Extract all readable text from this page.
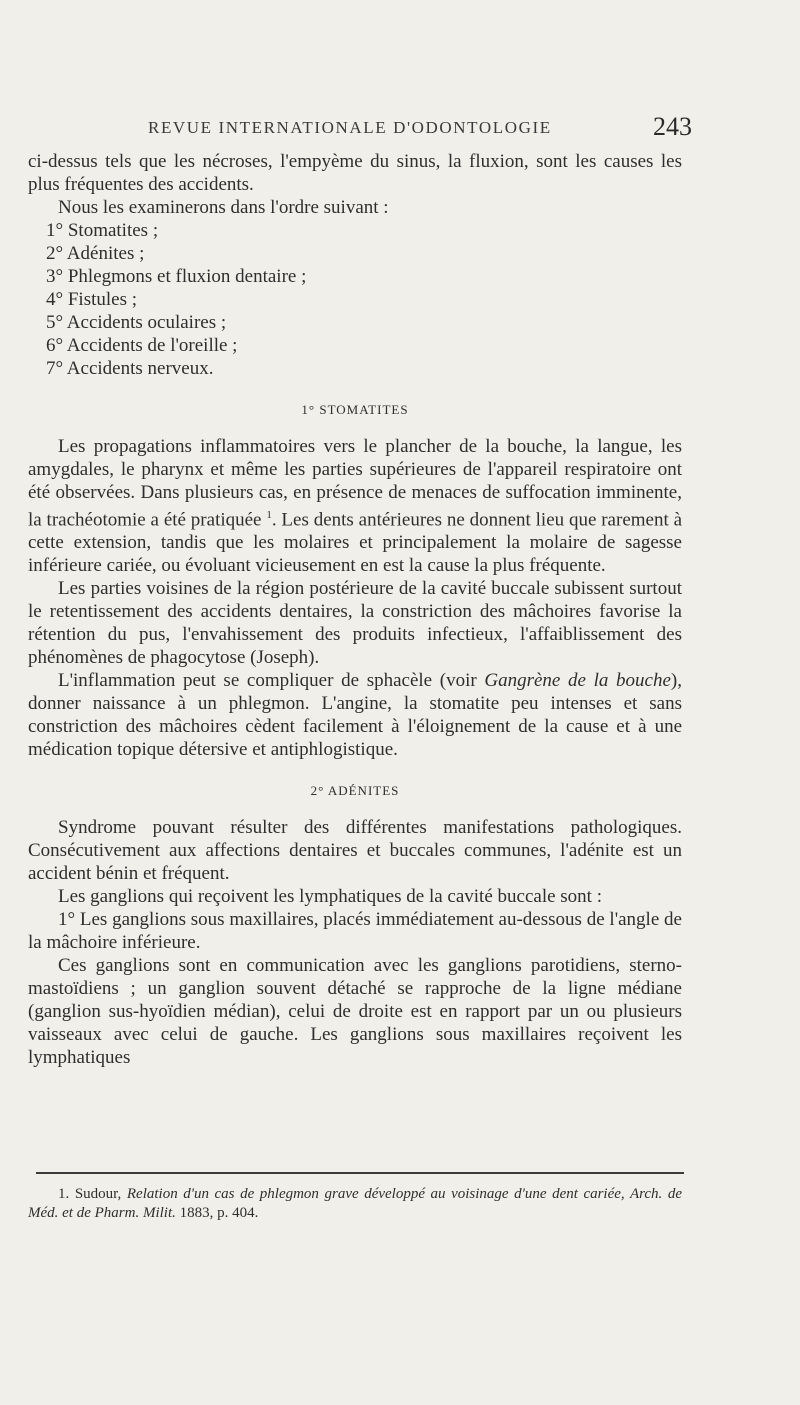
REVUE INTERNATIONALE D'ODONTOLOGIE	243

ci-dessus tels que les nécroses, l'empyème du sinus, la fluxion, sont les causes les plus fréquentes des accidents.

Nous les examinerons dans l'ordre suivant :

1° Stomatites ;

2° Adénites ;

3° Phlegmons et fluxion dentaire ;

4° Fistules ;

5° Accidents oculaires ;

6° Accidents de l'oreille ;

7° Accidents nerveux.

1° STOMATITES

Les propagations inflammatoires vers le plancher de la bouche, la langue, les amygdales, le pharynx et même les parties supérieures de l'appareil respiratoire ont été observées. Dans plusieurs cas, en présence de menaces de suffocation imminente, la trachéotomie a été pratiquée $^1$. Les dents antérieures ne donnent lieu que rarement à cette extension, tandis que les molaires et principalement la molaire de sagesse inférieure cariée, ou évoluant vicieusement en est la cause la plus fréquente.

Les parties voisines de la région postérieure de la cavité buccale subissent surtout le retentissement des accidents dentaires, la constriction des mâchoires favorise la rétention du pus, l'envahissement des produits infectieux, l'affaiblissement des phénomènes de phagocytose (Joseph).

L'inflammation peut se compliquer de sphacèle (voir Gangrène de la bouche), donner naissance à un phlegmon. L'angine, la stomatite peu intenses et sans constriction des mâchoires cèdent facilement à l'éloignement de la cause et à une médication topique détersive et antiphlogistique.

2° ADÉNITES

Syndrome pouvant résulter des différentes manifestations pathologiques. Consécutivement aux affections dentaires et buccales communes, l'adénite est un accident bénin et fréquent.

Les ganglions qui reçoivent les lymphatiques de la cavité buccale sont :

1° Les ganglions sous maxillaires, placés immédiatement au-dessous de l'angle de la mâchoire inférieure.

Ces ganglions sont en communication avec les ganglions parotidiens, sterno-mastoïdiens ; un ganglion souvent détaché se rapproche de la ligne médiane (ganglion sus-hyoïdien médian), celui de droite est en rapport par un ou plusieurs vaisseaux avec celui de gauche. Les ganglions sous maxillaires reçoivent les lymphatiques

1. Sudour, Relation d'un cas de phlegmon grave développé au voisinage d'une dent cariée, Arch. de Méd. et de Pharm. Milit. 1883, p. 404.
